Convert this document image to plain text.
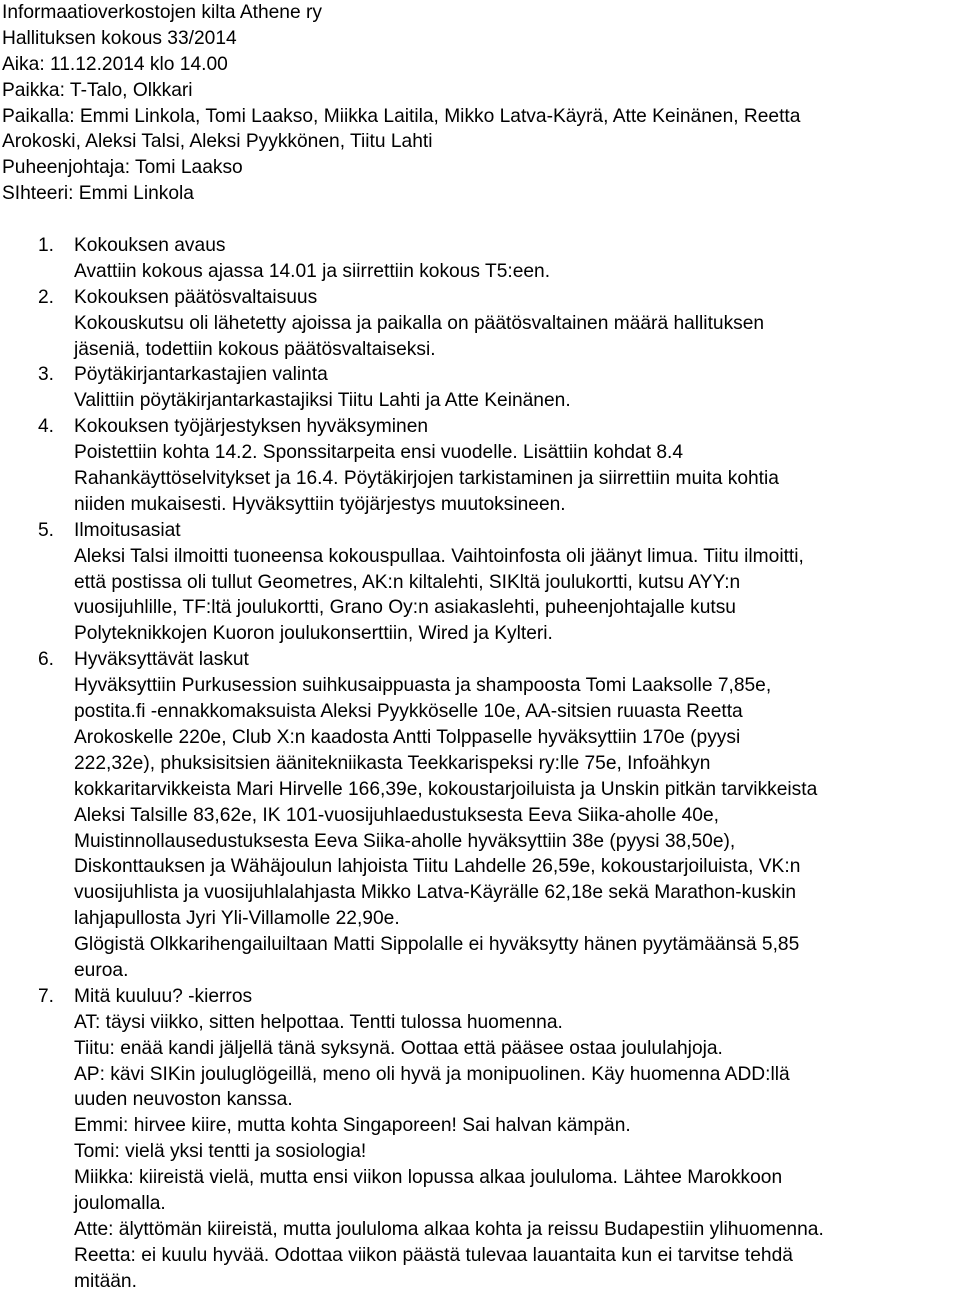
Informaatioverkostojen kilta Athene ry
Hallituksen kokous 33/2014
Aika: 11.12.2014 klo 14.00
Paikka: T-Talo, Olkkari
Paikalla: Emmi Linkola, Tomi Laakso, Miikka Laitila, Mikko Latva-Käyrä, Atte Keinänen, Reetta
Arokoski, Aleksi Talsi, Aleksi Pyykkönen, Tiitu Lahti
Puheenjohtaja: Tomi Laakso
SIhteeri: Emmi Linkola
1. Kokouksen avaus
Avattiin kokous ajassa 14.01 ja siirrettiin kokous T5:een.
2. Kokouksen päätösvaltaisuus
Kokouskutsu oli lähetetty ajoissa ja paikalla on päätösvaltainen määrä hallituksen
jäseniä, todettiin kokous päätösvaltaiseksi.
3. Pöytäkirjantarkastajien valinta
Valittiin pöytäkirjantarkastajiksi Tiitu Lahti ja Atte Keinänen.
4. Kokouksen työjärjestyksen hyväksyminen
Poistettiin kohta 14.2. Sponssitarpeita ensi vuodelle. Lisättiin kohdat 8.4
Rahankäyttöselvitykset ja 16.4. Pöytäkirjojen tarkistaminen ja siirrettiin muita kohtia
niiden mukaisesti. Hyväksyttiin työjärjestys muutoksineen.
5. Ilmoitusasiat
Aleksi Talsi ilmoitti tuoneensa kokouspullaa. Vaihtoinfosta oli jäänyt limua. Tiitu ilmoitti,
että postissa oli tullut Geometres, AK:n kiltalehti, SIKltä joulukortti, kutsu AYY:n
vuosijuhlille, TF:ltä joulukortti, Grano Oy:n asiakaslehti, puheenjohtajalle kutsu
Polyteknikkojen Kuoron joulukonserttiin, Wired ja Kylteri.
6. Hyväksyttävät laskut
Hyväksyttiin Purkusession suihkusaippuasta ja shampoosta Tomi Laaksolle 7,85e,
postita.fi -ennakkomaksuista Aleksi Pyykköselle 10e, AA-sitsien ruuasta Reetta
Arokoskelle 220e, Club X:n kaadosta Antti Tolppaselle hyväksyttiin 170e (pyysi
222,32e), phuksisitsien äänitekniikasta Teekkarispeksi ry:lle 75e, Infoähkyn
kokkaritarvikkeista Mari Hirvelle 166,39e, kokoustarjoiluista ja Unskin pitkän tarvikkeista
Aleksi Talsille 83,62e, IK 101-vuosijuhlaedustuksesta Eeva Siika-aholle 40e,
Muistinnollausedustuksesta Eeva Siika-aholle hyväksyttiin 38e (pyysi 38,50e),
Diskonttauksen ja Wähäjoulun lahjoista Tiitu Lahdelle 26,59e, kokoustarjoiluista, VK:n
vuosijuhlista ja vuosijuhlalahjasta Mikko Latva-Käyrälle 62,18e sekä Marathon-kuskin
lahjapullosta Jyri Yli-Villamolle 22,90e.
Glögistä Olkkarihengailuiltaan Matti Sippolalle ei hyväksytty hänen pyytämäänsä 5,85
euroa.
7. Mitä kuuluu? -kierros
AT: täysi viikko, sitten helpottaa. Tentti tulossa huomenna.
Tiitu: enää kandi jäljellä tänä syksynä. Oottaa että pääsee ostaa joululahjoja.
AP: kävi SIKin jouluglögeillä, meno oli hyvä ja monipuolinen. Käy huomenna ADD:llä
uuden neuvoston kanssa.
Emmi: hirvee kiire, mutta kohta Singaporeen! Sai halvan kämpän.
Tomi: vielä yksi tentti ja sosiologia!
Miikka: kiireistä vielä, mutta ensi viikon lopussa alkaa joululoma. Lähtee Marokkoon
joulomalla.
Atte: älyttömän kiireistä, mutta joululoma alkaa kohta ja reissu Budapestiin ylihuomenna.
Reetta: ei kuulu hyvää. Odottaa viikon päästä tulevaa lauantaita kun ei tarvitse tehdä
mitään.
